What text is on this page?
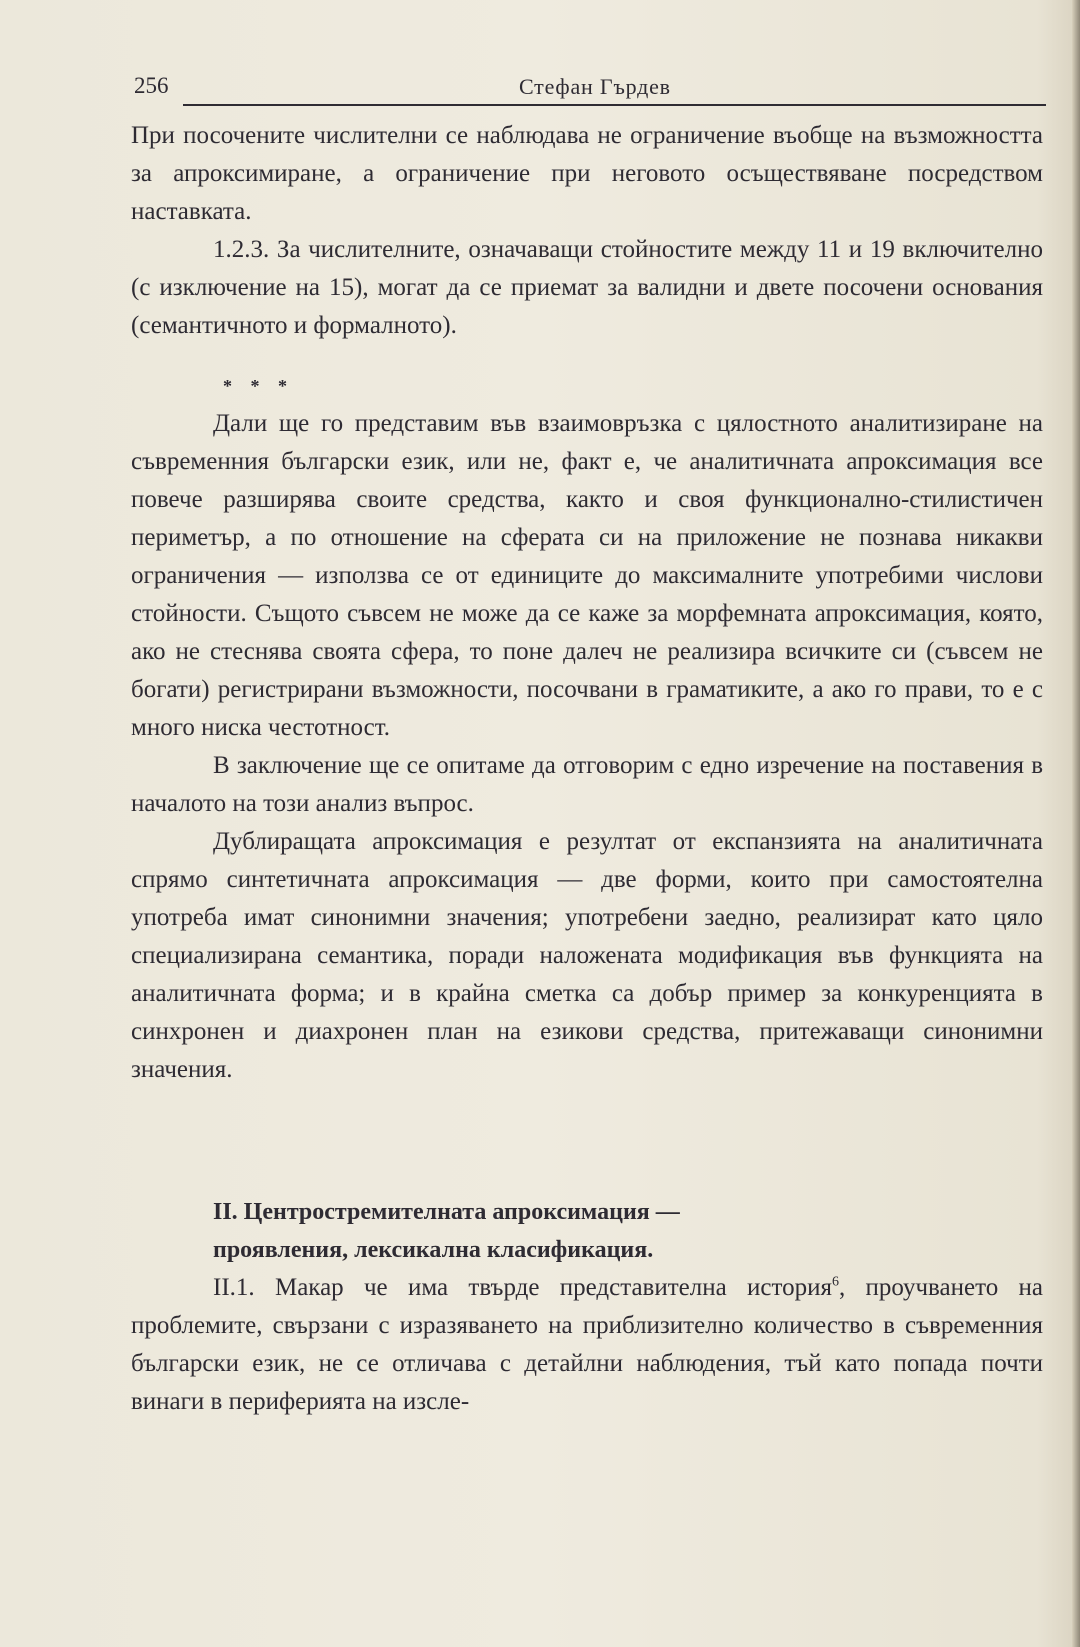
256	Стефан Гърдев

При посочените числителни се наблюдава не ограничение въобще на възможността за апроксимиране, а ограничение при неговото осъществяване посредством наставката.

1.2.3. За числителните, означаващи стойностите между 11 и 19 включително (с изключение на 15), могат да се приемат за валидни и двете посочени основания (семантичното и формалното).

* * *

Дали ще го представим във взаимовръзка с цялостното аналитизиране на съвременния български език, или не, факт е, че аналитичната апроксимация все повече разширява своите средства, както и своя функционално-стилистичен периметър, а по отношение на сферата си на приложение не познава никакви ограничения — използва се от единиците до максималните употребими числови стойности. Същото съвсем не може да се каже за морфемната апроксимация, която, ако не стеснява своята сфера, то поне далеч не реализира всичките си (съвсем не богати) регистрирани възможности, посочвани в граматиките, а ако го прави, то е с много ниска честотност.

В заключение ще се опитаме да отговорим с едно изречение на поставения в началото на този анализ въпрос.

Дублиращата апроксимация е резултат от експанзията на аналитичната спрямо синтетичната апроксимация — две форми, които при самостоятелна употреба имат синонимни значения; употребени заедно, реализират като цяло специализирана семантика, поради наложената модификация във функцията на аналитичната форма; и в крайна сметка са добър пример за конкуренцията в синхронен и диахронен план на езикови средства, притежаващи синонимни значения.

II. Центростремителната апроксимация —
проявления, лексикална класификация.

II.1. Макар че има твърде представителна история$^6$, проучването на проблемите, свързани с изразяването на приблизително количество в съвременния български език, не се отличава с детайлни наблюдения, тъй като попада почти винаги в периферията на изсле-
